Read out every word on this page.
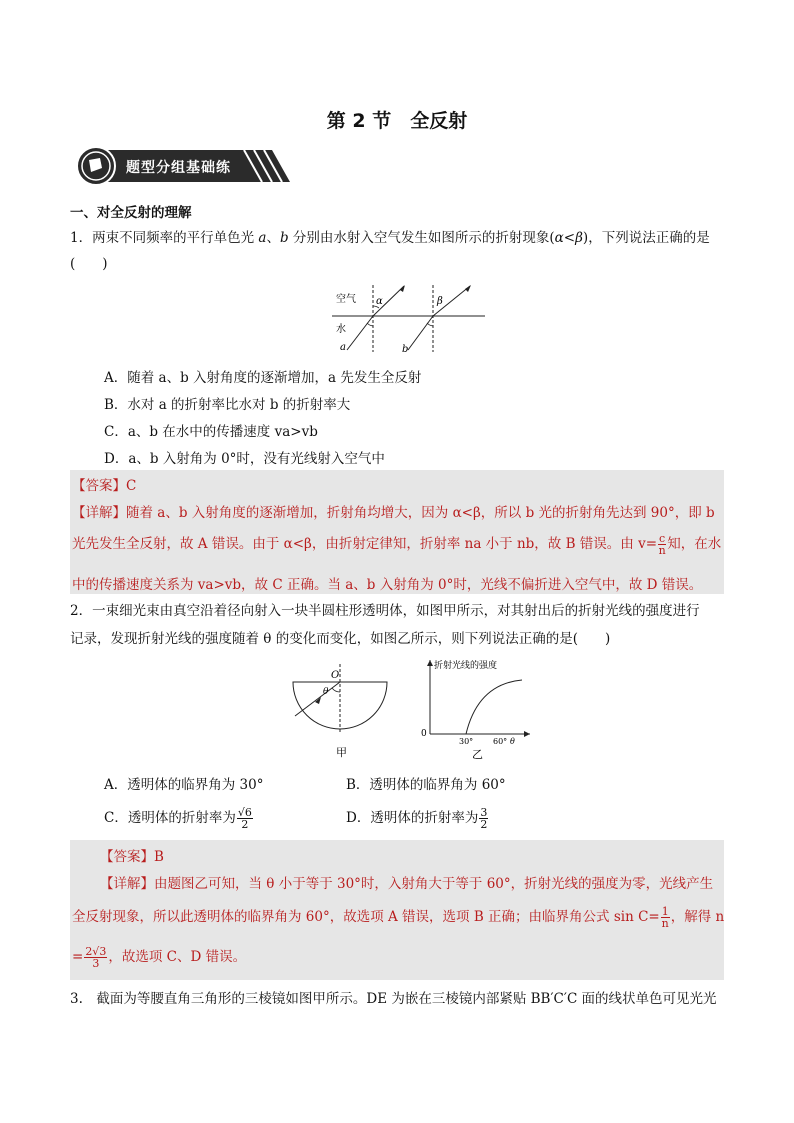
第 2 节　全反射
题型分组基础练
一、对全反射的理解
1．两束不同频率的平行单色光 a、b 分别由水射入空气发生如图所示的折射现象(α<β)，下列说法正确的是
(　　)
空气
水
α	β
a	b
A．随着 a、b 入射角度的逐渐增加，a 先发生全反射
B．水对 a 的折射率比水对 b 的折射率大
C．a、b 在水中的传播速度 va>vb
D．a、b 入射角为 0°时，没有光线射入空气中
【答案】C
【详解】随着 a、b 入射角度的逐渐增加，折射角均增大，因为 α<β，所以 b 光的折射角先达到 90°，即 b
光先发生全反射，故 A 错误。由于 α<β，由折射定律知，折射率 na 小于 nb，故 B 错误。由 $v= \frac{c}{n}$ 知，在水
中的传播速度关系为 va>vb，故 C 正确。当 a、b 入射角为 0°时，光线不偏折进入空气中，故 D 错误。
2．一束细光束由真空沿着径向射入一块半圆柱形透明体，如图甲所示，对其射出后的折射光线的强度进行
记录，发现折射光线的强度随着 θ 的变化而变化，如图乙所示，则下列说法正确的是(　　)
O
θ
甲
折射光线的强度
0
30° 60° θ
乙
A．透明体的临界角为 30°	B．透明体的临界角为 60°
C．透明体的折射率为 $\frac{√6}{2}$	D．透明体的折射率为 $\frac{3}{2}$
【答案】B
【详解】由题图乙可知，当 θ 小于等于 30°时，入射角大于等于 60°，折射光线的强度为零，光线产生
全反射现象，所以此透明体的临界角为 60°，故选项 A 错误，选项 B 正确；由临界角公式 $\sin C= \frac{1}{n}$ ，解得 n
= $\frac{2√3}{3}$ ，故选项 C、D 错误。
3.　截面为等腰直角三角形的三棱镜如图甲所示。DE 为嵌在三棱镜内部紧贴 BB′C′C 面的线状单色可见光光
